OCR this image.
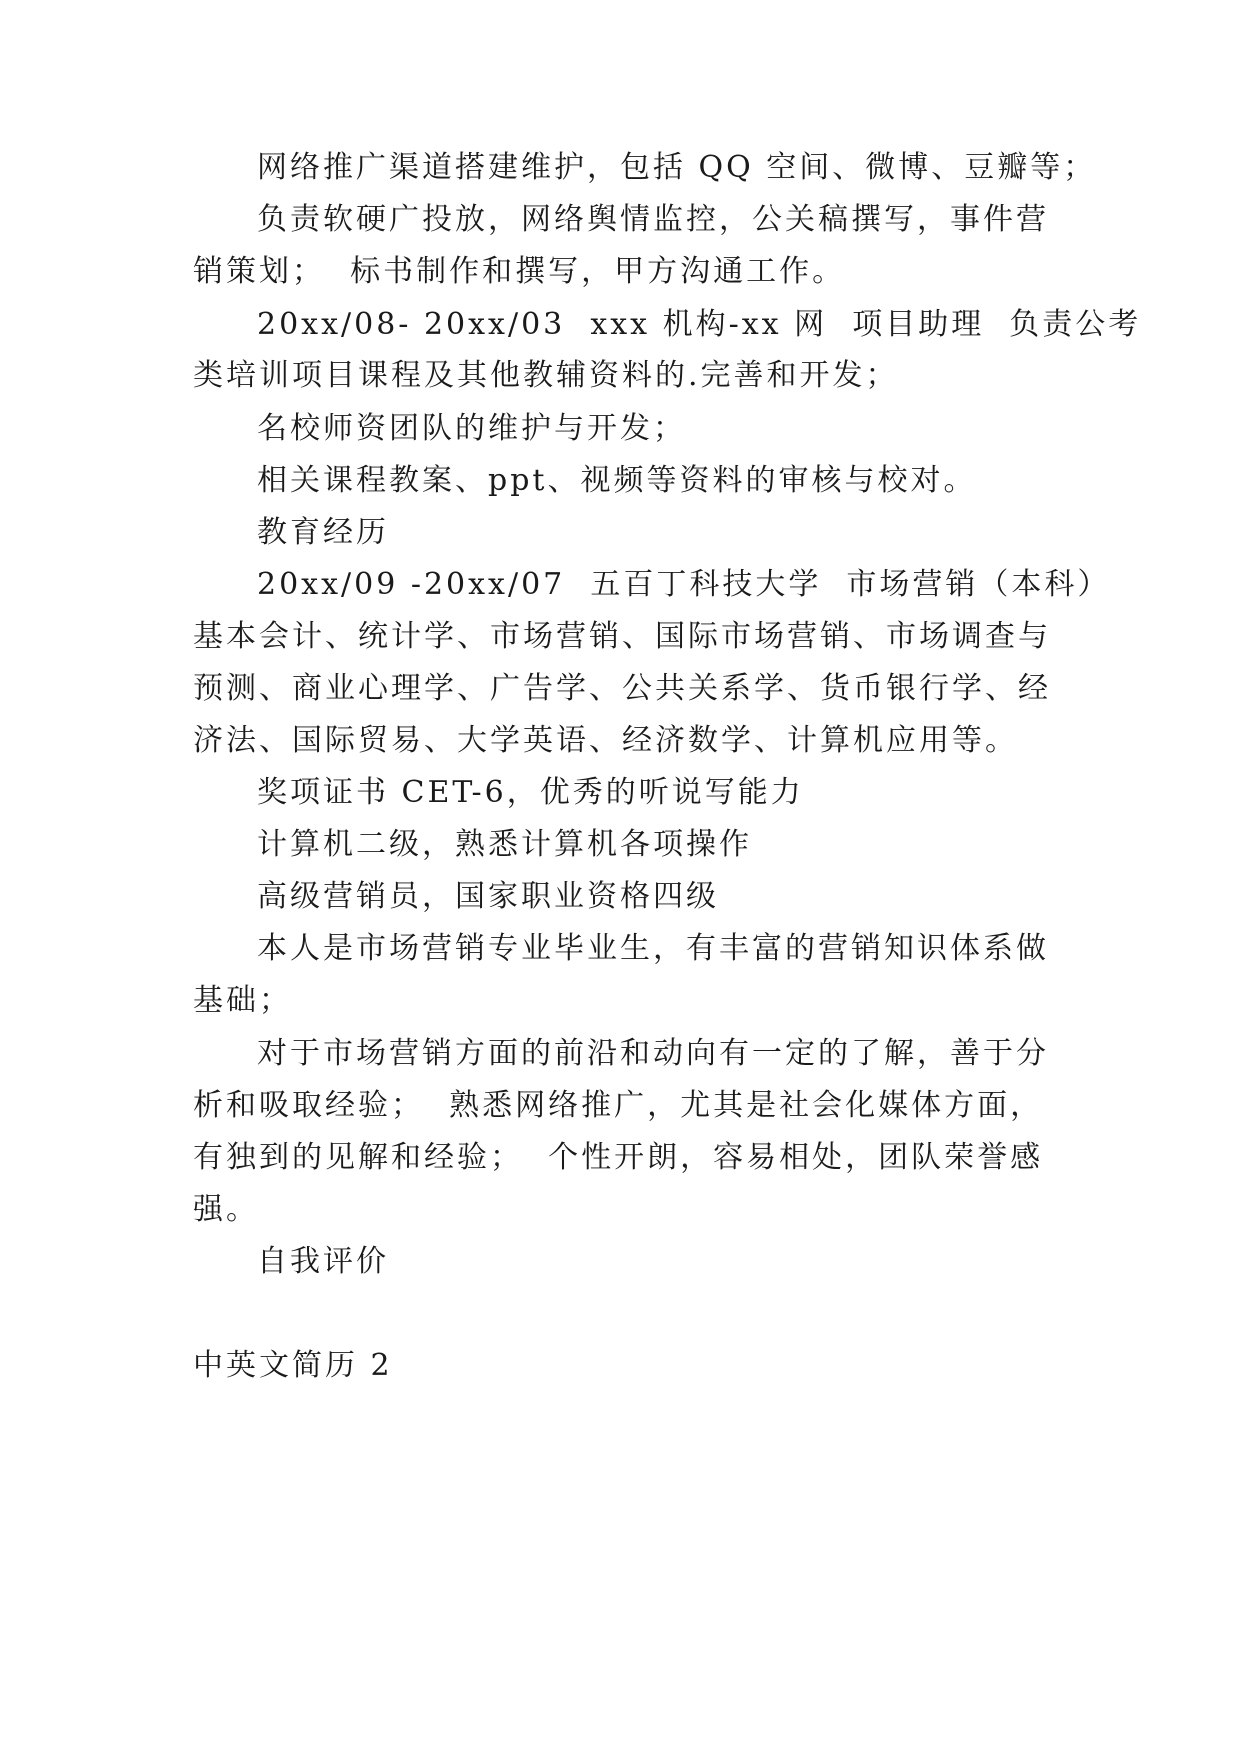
网络推广渠道搭建维护，包括 QQ 空间、微博、豆瓣等；

负责软硬广投放，网络舆情监控，公关稿撰写，事件营

销策划；  标书制作和撰写，甲方沟通工作。

20xx/08- 20xx/03  xxx 机构-xx 网  项目助理  负责公考

类培训项目课程及其他教辅资料的.完善和开发；

名校师资团队的维护与开发；

相关课程教案、ppt、视频等资料的审核与校对。

教育经历

20xx/09 -20xx/07  五百丁科技大学  市场营销（本科）

基本会计、统计学、市场营销、国际市场营销、市场调查与

预测、商业心理学、广告学、公共关系学、货币银行学、经

济法、国际贸易、大学英语、经济数学、计算机应用等。

奖项证书 CET-6，优秀的听说写能力

计算机二级，熟悉计算机各项操作

高级营销员，国家职业资格四级

本人是市场营销专业毕业生，有丰富的营销知识体系做

基础；

对于市场营销方面的前沿和动向有一定的了解，善于分

析和吸取经验；  熟悉网络推广，尤其是社会化媒体方面，

有独到的见解和经验；  个性开朗，容易相处，团队荣誉感

强。

自我评价

中英文简历 2
